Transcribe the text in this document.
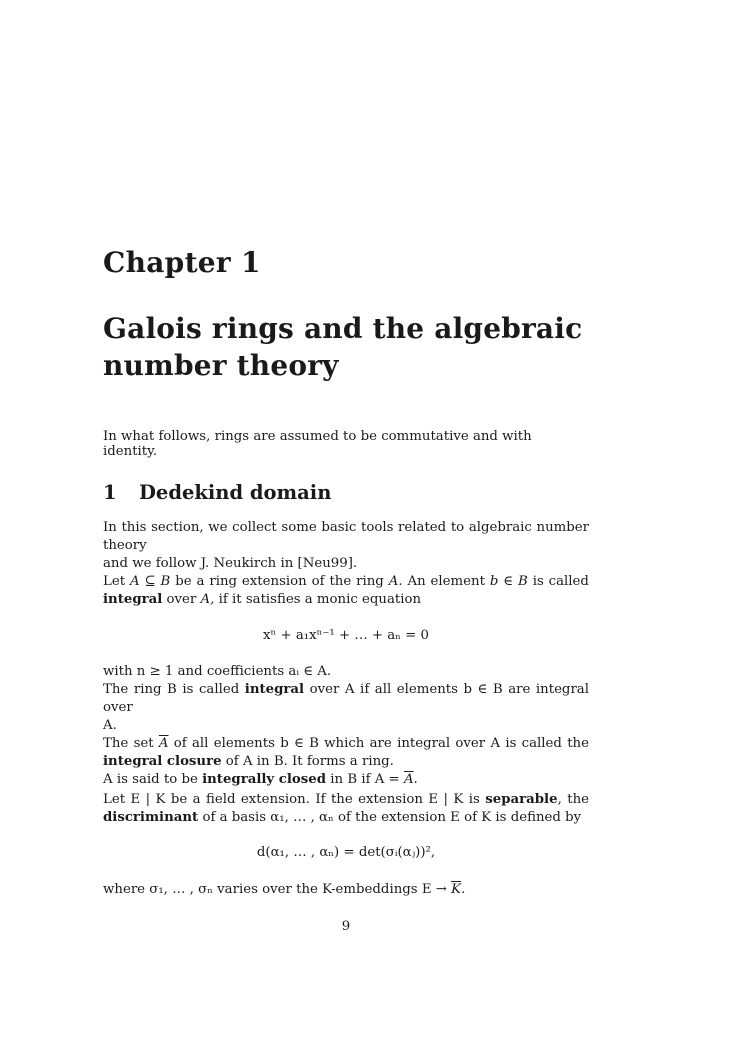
Chapter 1
Galois rings and the algebraic
number theory
In what follows, rings are assumed to be commutative and with identity.
1 Dedekind domain
In this section, we collect some basic tools related to algebraic number theory
and we follow J. Neukirch in [Neu99].
Let A ⊆ B be a ring extension of the ring A. An element b ∈ B is called
integral over A, if it satisfies a monic equation
xⁿ + a₁xⁿ⁻¹ + … + aₙ = 0
with n ≥ 1 and coefficients aᵢ ∈ A.
The ring B is called integral over A if all elements b ∈ B are integral over
A.
The set $\overline{A}$ of all elements b ∈ B which are integral over A is called the
integral closure of A in B. It forms a ring.
A is said to be integrally closed in B if $A = \overline{A}$.
Let E | K be a field extension. If the extension E | K is separable, the
discriminant of a basis α₁, … , αₙ of the extension E of K is defined by
d(α₁, … , αₙ) = det(σᵢ(αⱼ))²,
where σ₁, … , σₙ varies over the K-embeddings $E \to \overline{K}$.
9
